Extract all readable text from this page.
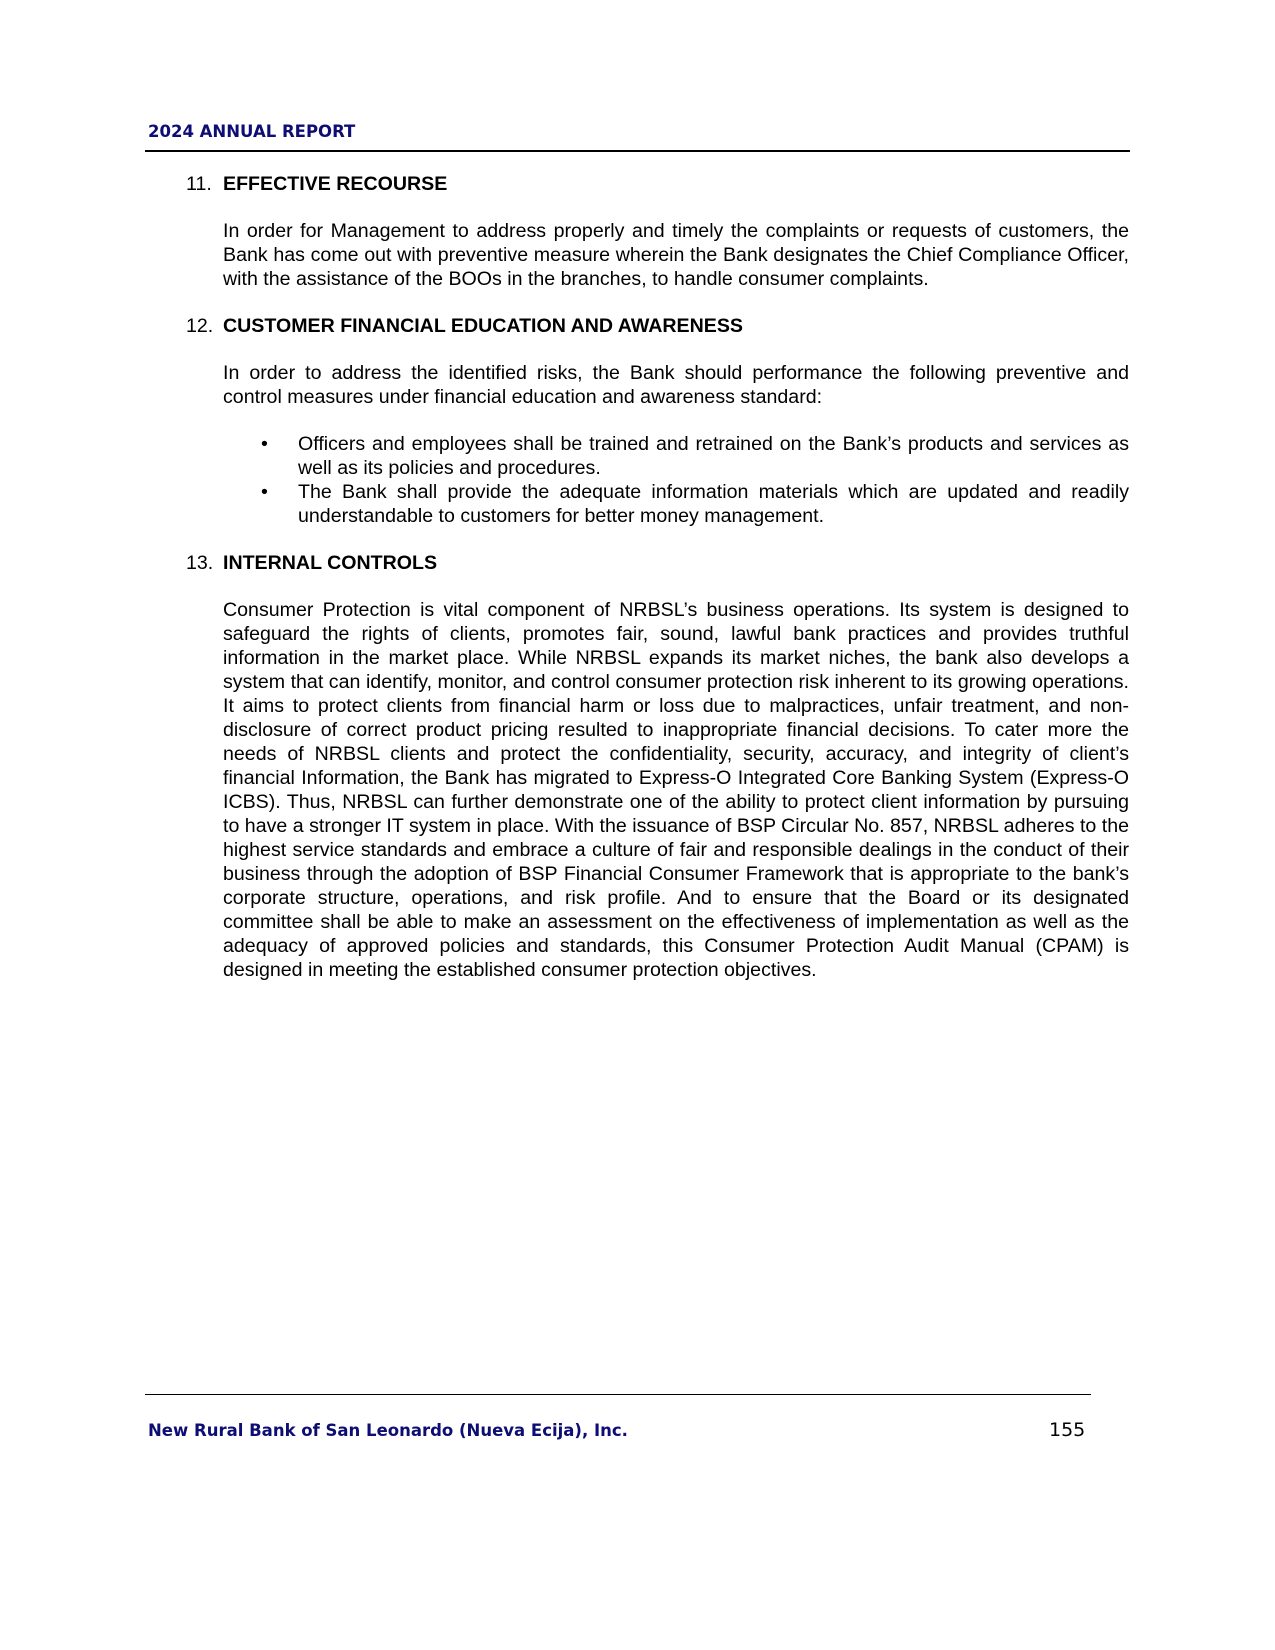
2024 ANNUAL REPORT
11. EFFECTIVE RECOURSE

In order for Management to address properly and timely the complaints or requests of customers, the Bank has come out with preventive measure wherein the Bank designates the Chief Compliance Officer, with the assistance of the BOOs in the branches, to handle consumer complaints.

12. CUSTOMER FINANCIAL EDUCATION AND AWARENESS

In order to address the identified risks, the Bank should performance the following preventive and control measures under financial education and awareness standard:

• Officers and employees shall be trained and retrained on the Bank’s products and services as well as its policies and procedures.
• The Bank shall provide the adequate information materials which are updated and readily understandable to customers for better money management.
13. INTERNAL CONTROLS

Consumer Protection is vital component of NRBSL’s business operations. Its system is designed to safeguard the rights of clients, promotes fair, sound, lawful bank practices and provides truthful information in the market place. While NRBSL expands its market niches, the bank also develops a system that can identify, monitor, and control consumer protection risk inherent to its growing operations. It aims to protect clients from financial harm or loss due to malpractices, unfair treatment, and non- disclosure of correct product pricing resulted to inappropriate financial decisions. To cater more the needs of NRBSL clients and protect the confidentiality, security, accuracy, and integrity of client’s financial Information, the Bank has migrated to Express-O Integrated Core Banking System (Express-O ICBS). Thus, NRBSL can further demonstrate one of the ability to protect client information by pursuing to have a stronger IT system in place. With the issuance of BSP Circular No. 857, NRBSL adheres to the highest service standards and embrace a culture of fair and responsible dealings in the conduct of their business through the adoption of BSP Financial Consumer Framework that is appropriate to the bank’s corporate structure, operations, and risk profile. And to ensure that the Board or its designated committee shall be able to make an assessment on the effectiveness of implementation as well as the adequacy of approved policies and standards, this Consumer Protection Audit Manual (CPAM) is designed in meeting the established consumer protection objectives.

New Rural Bank of San Leonardo (Nueva Ecija), Inc.	155
